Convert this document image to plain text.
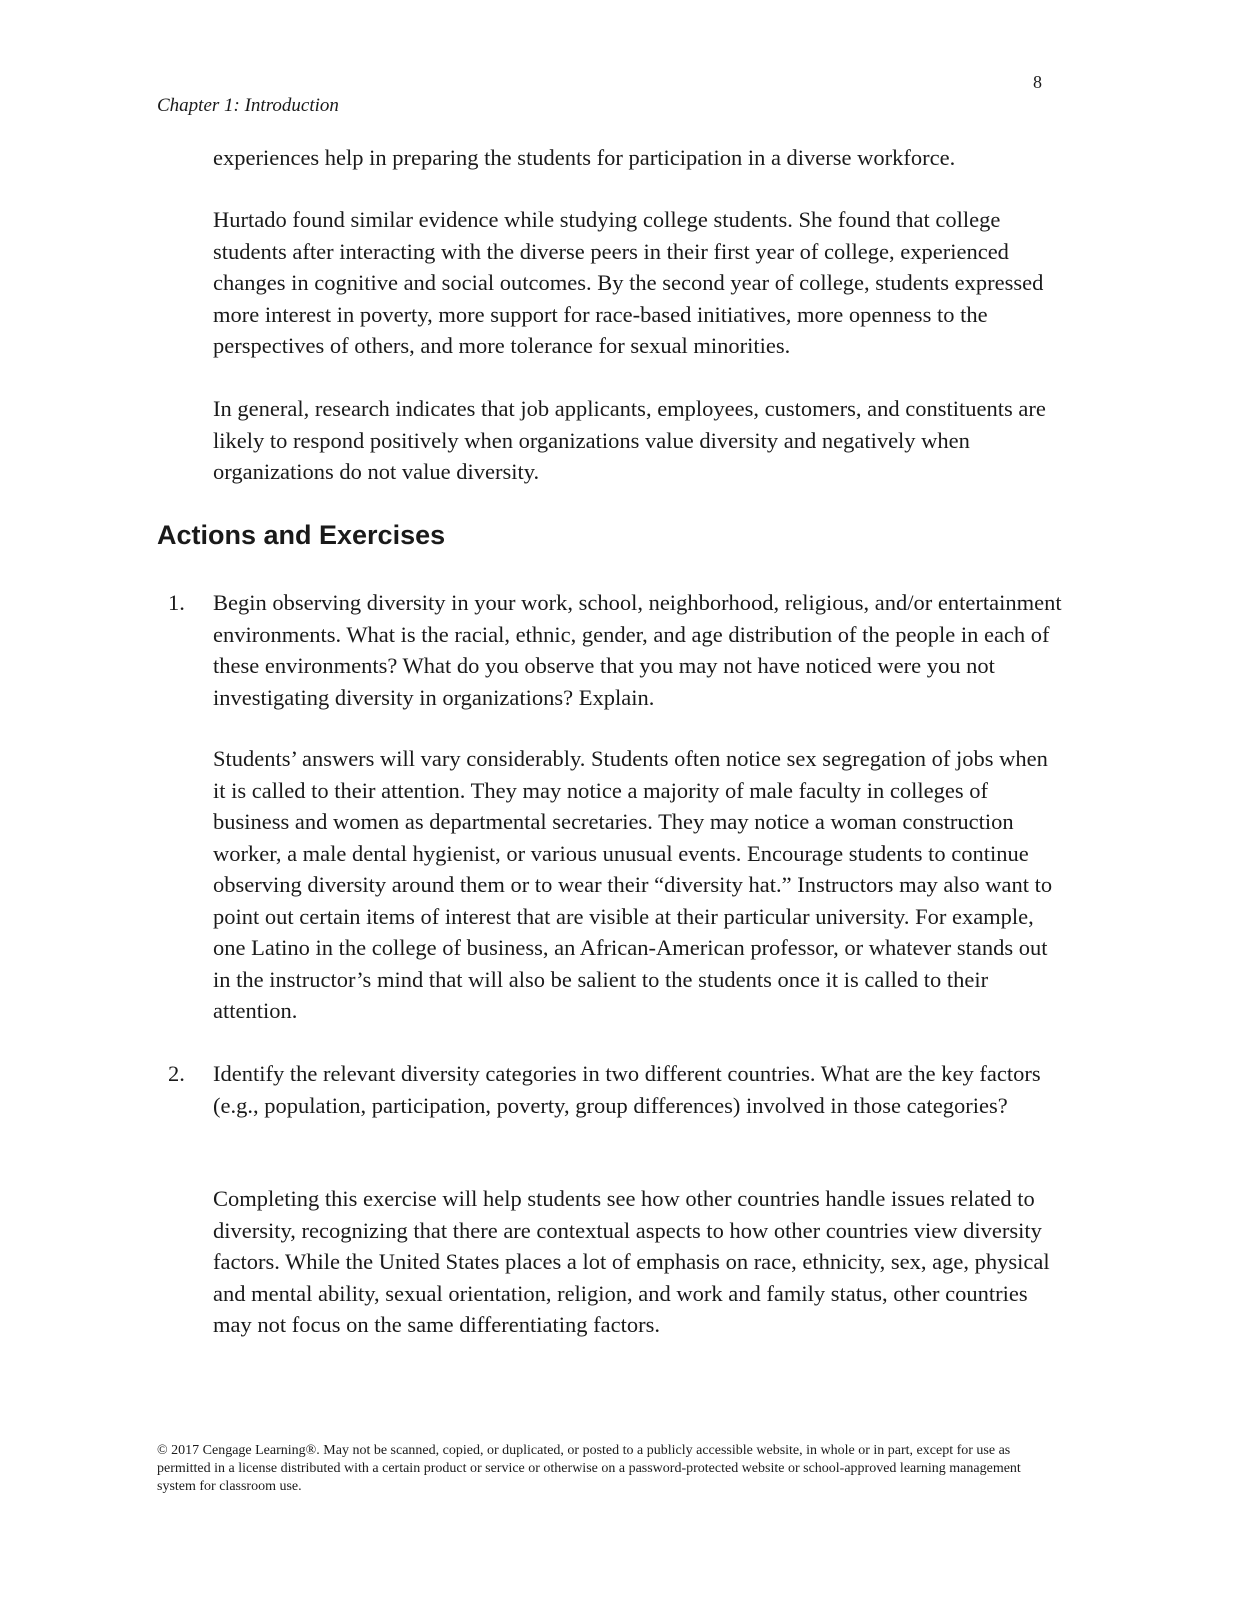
8
Chapter 1: Introduction

experiences help in preparing the students for participation in a diverse workforce.

Hurtado found similar evidence while studying college students. She found that college students after interacting with the diverse peers in their first year of college, experienced changes in cognitive and social outcomes. By the second year of college, students expressed more interest in poverty, more support for race-based initiatives, more openness to the perspectives of others, and more tolerance for sexual minorities.

In general, research indicates that job applicants, employees, customers, and constituents are likely to respond positively when organizations value diversity and negatively when organizations do not value diversity.

Actions and Exercises
1. Begin observing diversity in your work, school, neighborhood, religious, and/or entertainment environments. What is the racial, ethnic, gender, and age distribution of the people in each of these environments? What do you observe that you may not have noticed were you not investigating diversity in organizations? Explain.

Students’ answers will vary considerably. Students often notice sex segregation of jobs when it is called to their attention. They may notice a majority of male faculty in colleges of business and women as departmental secretaries. They may notice a woman construction worker, a male dental hygienist, or various unusual events. Encourage students to continue observing diversity around them or to wear their “diversity hat.” Instructors may also want to point out certain items of interest that are visible at their particular university. For example, one Latino in the college of business, an African-American professor, or whatever stands out in the instructor’s mind that will also be salient to the students once it is called to their attention.

2. Identify the relevant diversity categories in two different countries. What are the key factors (e.g., population, participation, poverty, group differences) involved in those categories?

Completing this exercise will help students see how other countries handle issues related to diversity, recognizing that there are contextual aspects to how other countries view diversity factors. While the United States places a lot of emphasis on race, ethnicity, sex, age, physical and mental ability, sexual orientation, religion, and work and family status, other countries may not focus on the same differentiating factors.

© 2017 Cengage Learning®. May not be scanned, copied, or duplicated, or posted to a publicly accessible website, in whole or in part, except for use as permitted in a license distributed with a certain product or service or otherwise on a password-protected website or school-approved learning management system for classroom use.
